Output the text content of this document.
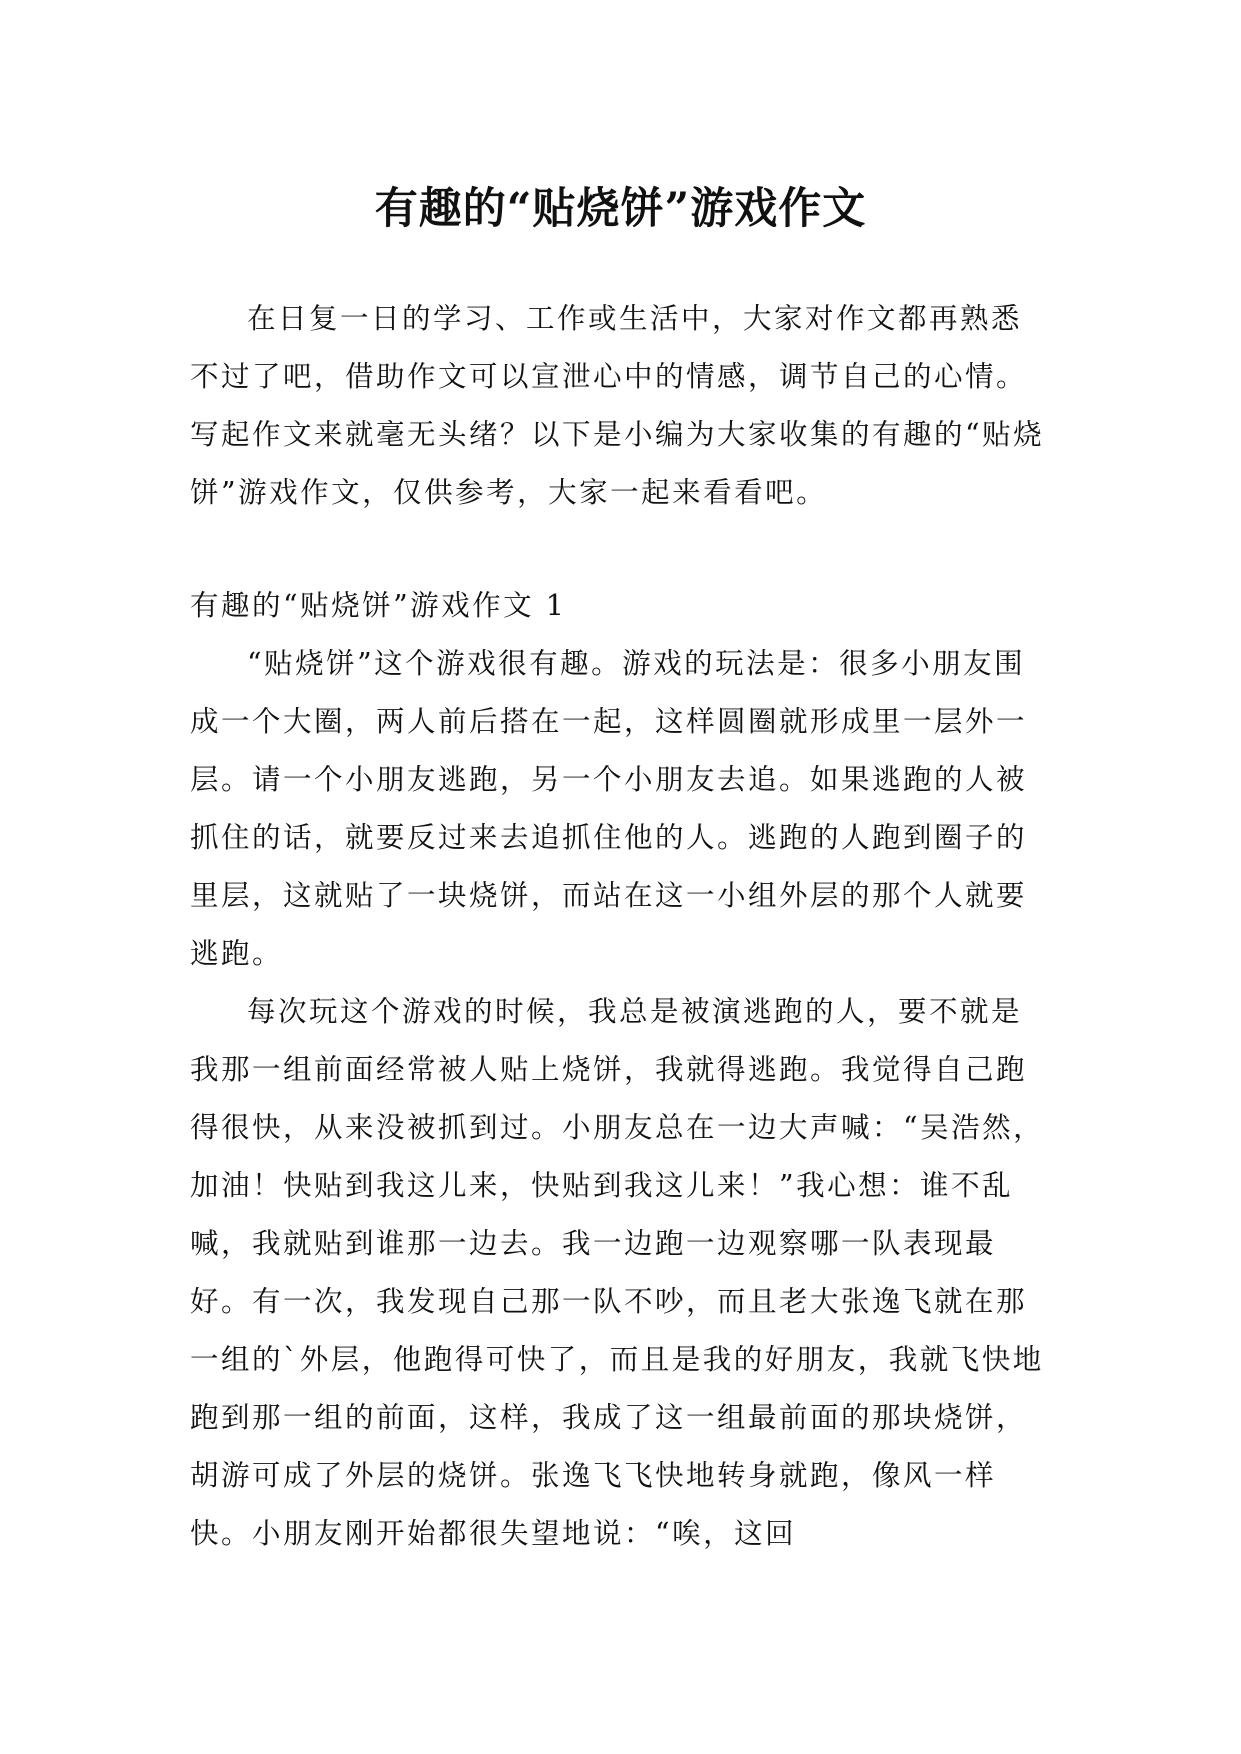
有趣的“贴烧饼”游戏作文

在日复一日的学习、工作或生活中，大家对作文都再熟悉不过了吧，借助作文可以宣泄心中的情感，调节自己的心情。写起作文来就毫无头绪？以下是小编为大家收集的有趣的“贴烧饼”游戏作文，仅供参考，大家一起来看看吧。

有趣的“贴烧饼”游戏作文 1

“贴烧饼”这个游戏很有趣。游戏的玩法是：很多小朋友围成一个大圈，两人前后搭在一起，这样圆圈就形成里一层外一层。请一个小朋友逃跑，另一个小朋友去追。如果逃跑的人被抓住的话，就要反过来去追抓住他的人。逃跑的人跑到圈子的里层，这就贴了一块烧饼，而站在这一小组外层的那个人就要逃跑。

每次玩这个游戏的时候，我总是被演逃跑的人，要不就是我那一组前面经常被人贴上烧饼，我就得逃跑。我觉得自己跑得很快，从来没被抓到过。小朋友总在一边大声喊：“吴浩然，加油！快贴到我这儿来，快贴到我这儿来！”我心想：谁不乱喊，我就贴到谁那一边去。我一边跑一边观察哪一队表现最好。有一次，我发现自己那一队不吵，而且老大张逸飞就在那一组的`外层，他跑得可快了，而且是我的好朋友，我就飞快地跑到那一组的前面，这样，我成了这一组最前面的那块烧饼，胡游可成了外层的烧饼。张逸飞飞快地转身就跑，像风一样快。小朋友刚开始都很失望地说：“唉，这回
